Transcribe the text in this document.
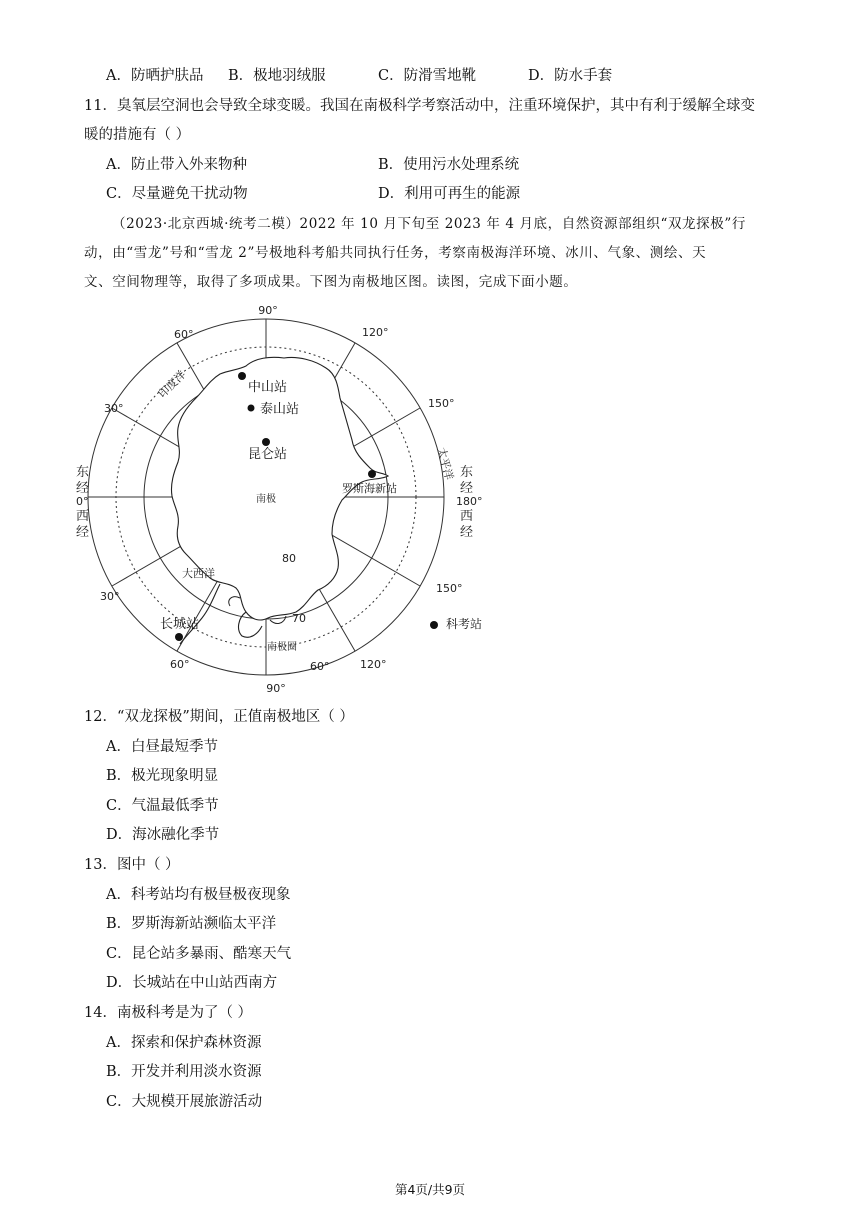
A．防晒护肤品 B．极地羽绒服	C．防滑雪地靴	D．防水手套
11．臭氧层空洞也会导致全球变暖。我国在南极科学考察活动中，注重环境保护，其中有利于缓解全球变
暖的措施有（ ）
A．防止带入外来物种	B．使用污水处理系统
C．尽量避免干扰动物	D．利用可再生的能源
（2023·北京西城·统考二模）2022 年 10 月下旬至 2023 年 4 月底，自然资源部组织“双龙探极”行
动，由“雪龙”号和“雪龙 2”号极地科考船共同执行任务，考察南极海洋环境、冰川、气象、测绘、天
文、空间物理等，取得了多项成果。下图为南极地区图。读图，完成下面小题。
90°
90°
60°	120°
30°	150°
30°
150°
60°	60°	120°
80
70
东
经
0°
西
经
东
经
180°
西
经
印度洋
太平洋
大西洋
南极
南极圈
中山站
泰山站
昆仑站
罗斯海新站
长城站	科考站
12．“双龙探极”期间，正值南极地区（ ）
A．白昼最短季节
B．极光现象明显
C．气温最低季节
D．海冰融化季节
13．图中（ ）
A．科考站均有极昼极夜现象
B．罗斯海新站濒临太平洋
C．昆仑站多暴雨、酷寒天气
D．长城站在中山站西南方
14．南极科考是为了（ ）
A．探索和保护森林资源
B．开发并利用淡水资源
C．大规模开展旅游活动
第4页/共9页
